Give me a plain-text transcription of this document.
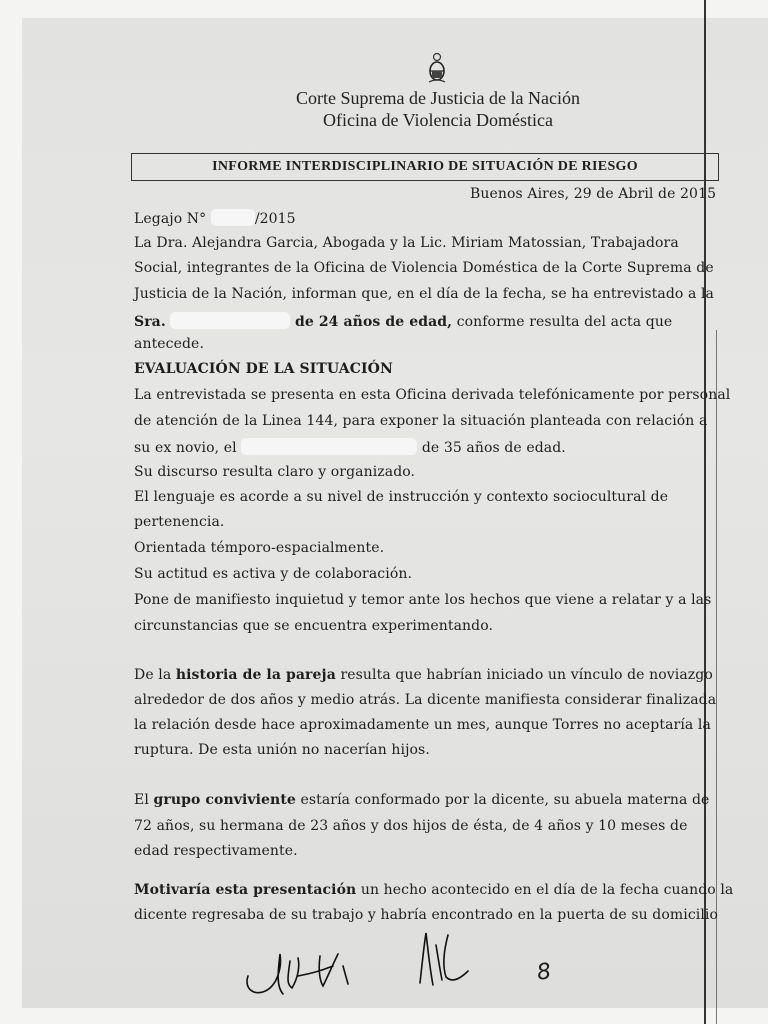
Corte Suprema de Justicia de la Nación
Oficina de Violencia Doméstica
INFORME INTERDISCIPLINARIO DE SITUACIÓN DE RIESGO
Buenos Aires, 29 de Abril de 2015
Legajo N°	/2015
La Dra. Alejandra Garcia, Abogada y la Lic. Miriam Matossian, Trabajadora
Social, integrantes de la Oficina de Violencia Doméstica de la Corte Suprema de
Justicia de la Nación, informan que, en el día de la fecha, se ha entrevistado a la
Sra.	de 24 años de edad, conforme resulta del acta que
antecede.
EVALUACIÓN DE LA SITUACIÓN
La entrevistada se presenta en esta Oficina derivada telefónicamente por personal
de atención de la Linea 144, para exponer la situación planteada con relación a
su ex novio, el	de 35 años de edad.
Su discurso resulta claro y organizado.
El lenguaje es acorde a su nivel de instrucción y contexto sociocultural de
pertenencia.
Orientada témporo-espacialmente.
Su actitud es activa y de colaboración.
Pone de manifiesto inquietud y temor ante los hechos que viene a relatar y a las
circunstancias que se encuentra experimentando.
De la historia de la pareja resulta que habrían iniciado un vínculo de noviazgo
alrededor de dos años y medio atrás. La dicente manifiesta considerar finalizada
la relación desde hace aproximadamente un mes, aunque Torres no aceptaría la
ruptura. De esta unión no nacerían hijos.
El grupo conviviente estaría conformado por la dicente, su abuela materna de
72 años, su hermana de 23 años y dos hijos de ésta, de 4 años y 10 meses de
edad respectivamente.
Motivaría esta presentación un hecho acontecido en el día de la fecha cuando la
dicente regresaba de su trabajo y habría encontrado en la puerta de su domicilio
8
